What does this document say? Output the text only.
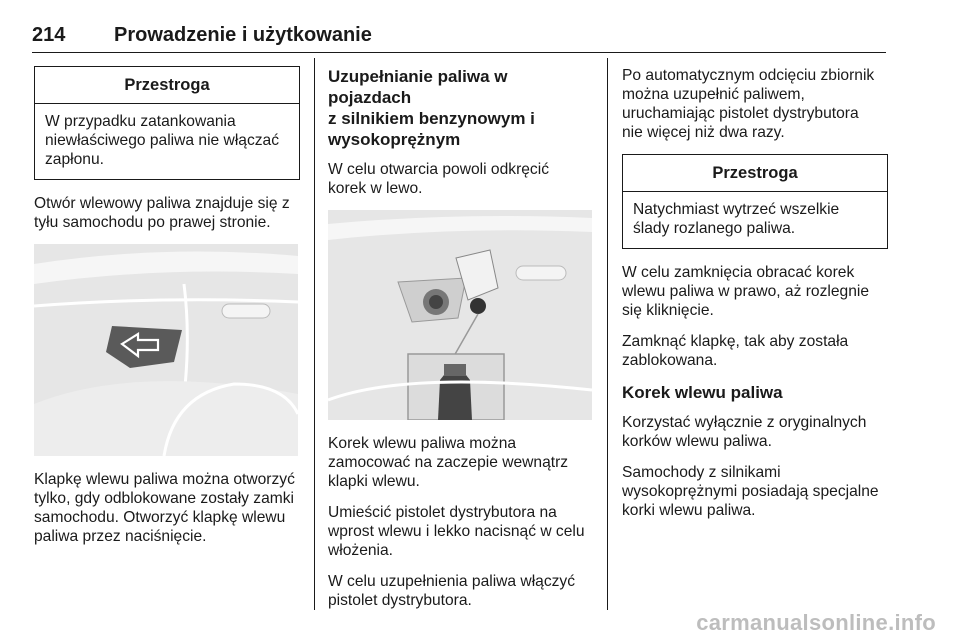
214 Prowadzenie i użytkowanie
Przestroga
W przypadku zatankowania
niewłaściwego paliwa nie włączać
zapłonu.

Otwór wlewowy paliwa znajduje się z
tyłu samochodu po prawej stronie.

Klapkę wlewu paliwa można otworzyć
tylko, gdy odblokowane zostały zamki
samochodu. Otworzyć klapkę wlewu
paliwa przez naciśnięcie.

Uzupełnianie paliwa w pojazdach
z silnikiem benzynowym i
wysokoprężnym

W celu otwarcia powoli odkręcić
korek w lewo.

Korek wlewu paliwa można
zamocować na zaczepie wewnątrz
klapki wlewu.

Umieścić pistolet dystrybutora na
wprost wlewu i lekko nacisnąć w celu
włożenia.

W celu uzupełnienia paliwa włączyć
pistolet dystrybutora.

Po automatycznym odcięciu zbiornik
można uzupełnić paliwem,
uruchamiając pistolet dystrybutora
nie więcej niż dwa razy.

Przestroga
Natychmiast wytrzeć wszelkie
ślady rozlanego paliwa.

W celu zamknięcia obracać korek
wlewu paliwa w prawo, aż rozlegnie
się kliknięcie.

Zamknąć klapkę, tak aby została
zablokowana.

Korek wlewu paliwa

Korzystać wyłącznie z oryginalnych
korków wlewu paliwa.

Samochody z silnikami
wysokoprężnymi posiadają specjalne
korki wlewu paliwa.

carmanualsonline.info
